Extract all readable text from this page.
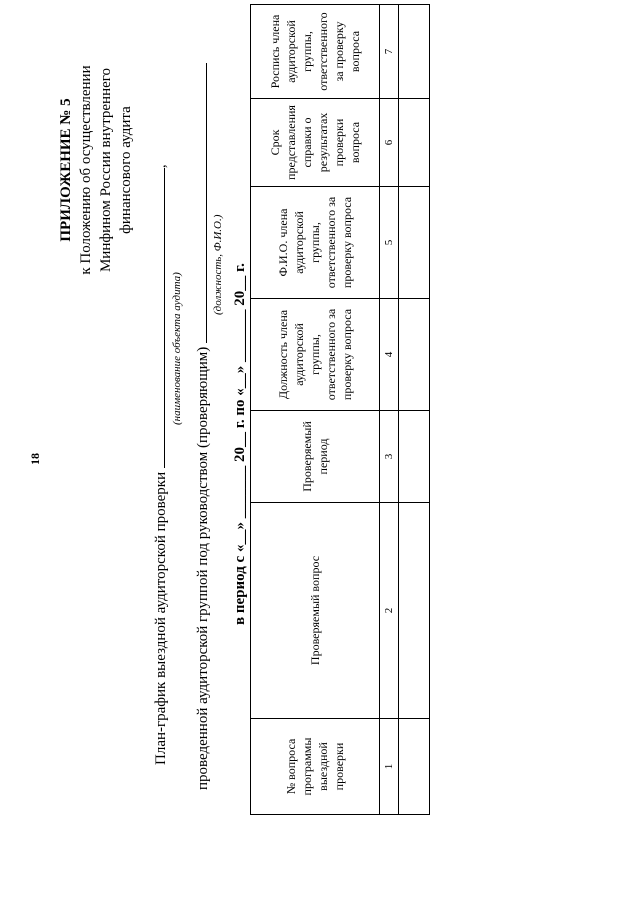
18
ПРИЛОЖЕНИЕ № 5 к Положению об осуществлении Минфином России внутреннего финансового аудита
План-график выездной аудиторской проверки ,
(наименование объекта аудита) проведенной аудиторской группой под руководством (проверяющим)
(должность, Ф.И.О.) в период с «__» _______ 20__ г. по «__» _______ 20__ г.
№ вопроса программы выездной проверки	Проверяемый вопрос	Проверяемый период	Должность члена аудиторской группы, ответственного за проверку вопроса	Ф.И.О. члена аудиторской группы, ответственного за проверку вопроса	Срок представления справки о результатах проверки вопроса	Роспись члена аудиторской группы, ответственного за проверку вопроса
1	2	3	4	5	6	7
